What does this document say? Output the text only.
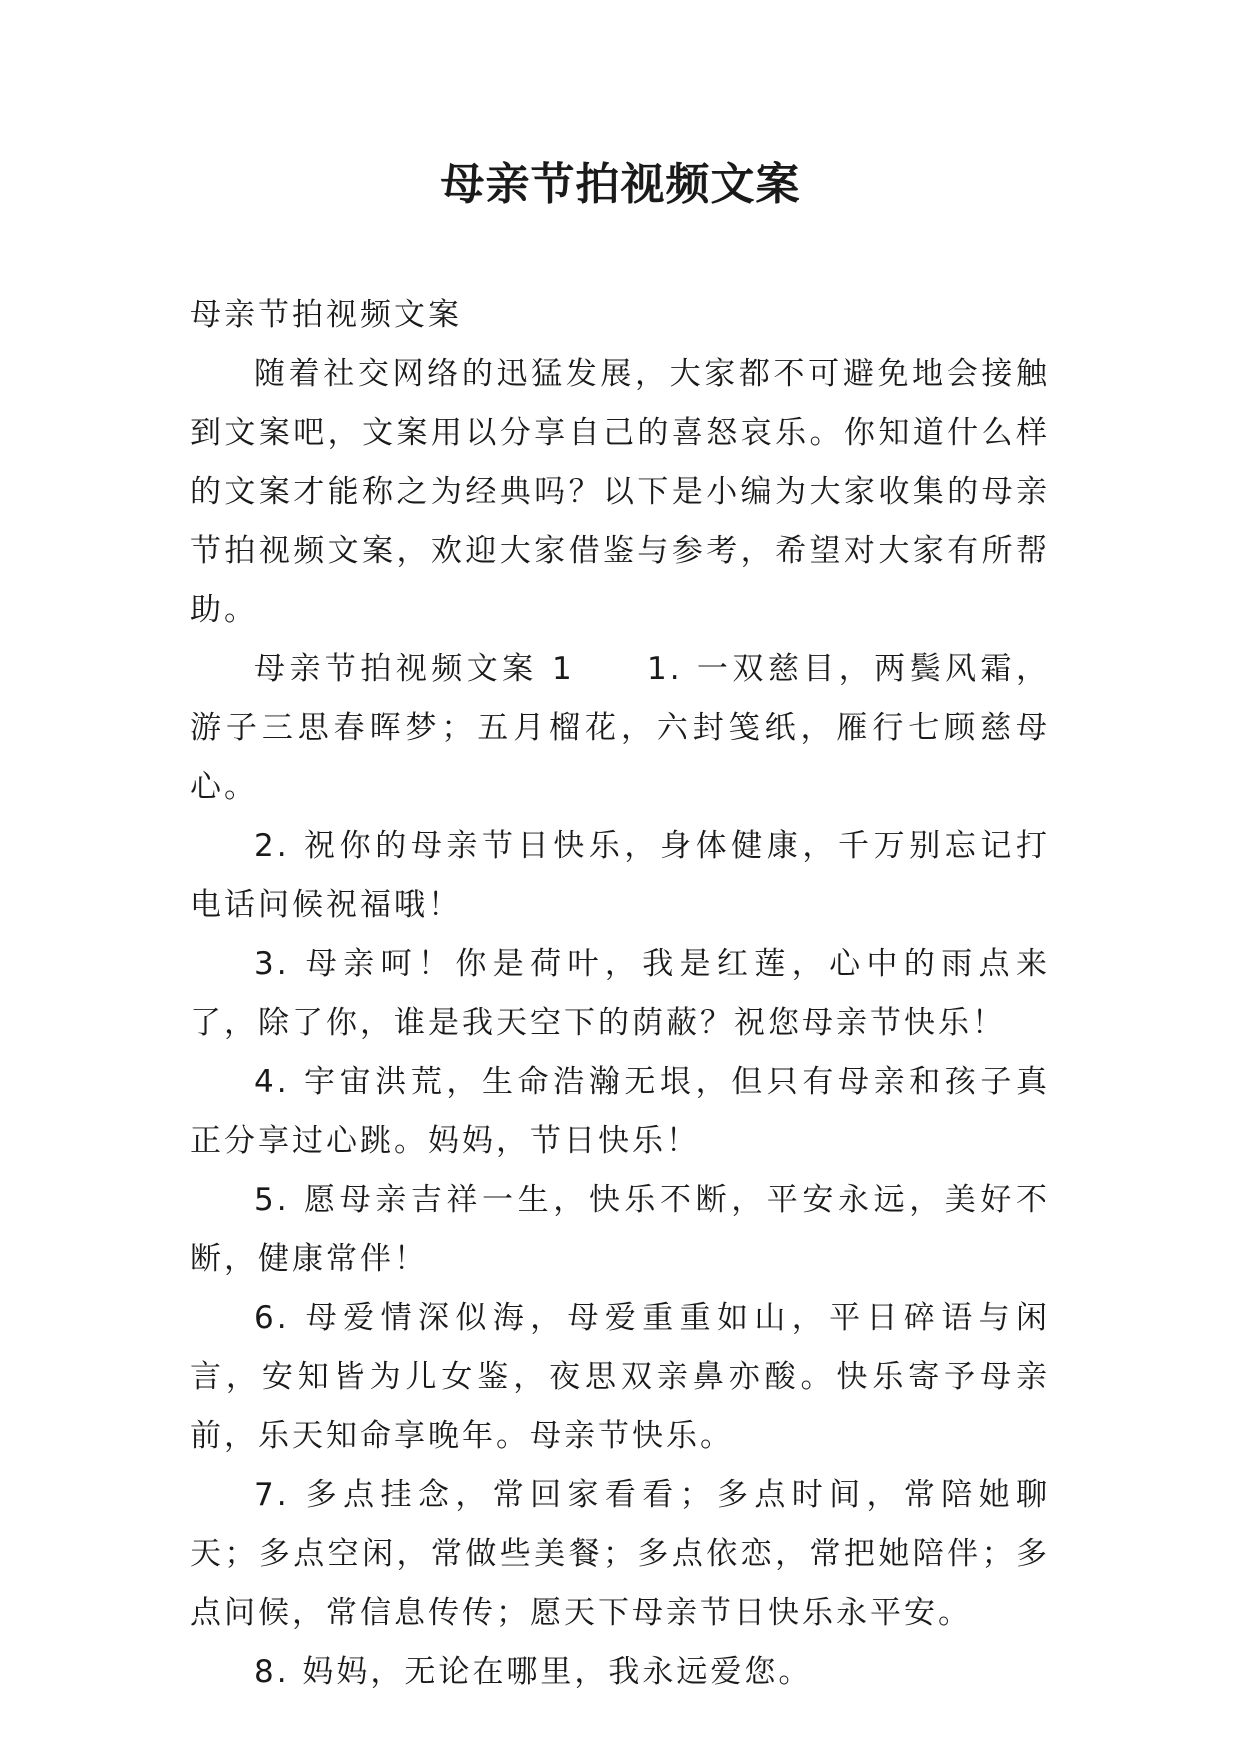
母亲节拍视频文案

母亲节拍视频文案

随着社交网络的迅猛发展，大家都不可避免地会接触到文案吧，文案用以分享自己的喜怒哀乐。你知道什么样的文案才能称之为经典吗？以下是小编为大家收集的母亲节拍视频文案，欢迎大家借鉴与参考，希望对大家有所帮助。

母亲节拍视频文案 1　　1. 一双慈目，两鬓风霜，游子三思春晖梦；五月榴花，六封笺纸，雁行七顾慈母心。

2. 祝你的母亲节日快乐，身体健康，千万别忘记打电话问候祝福哦！

3. 母亲呵！你是荷叶，我是红莲，心中的雨点来了，除了你，谁是我天空下的荫蔽？祝您母亲节快乐！

4. 宇宙洪荒，生命浩瀚无垠，但只有母亲和孩子真正分享过心跳。妈妈，节日快乐！

5. 愿母亲吉祥一生，快乐不断，平安永远，美好不断，健康常伴！

6. 母爱情深似海，母爱重重如山，平日碎语与闲言，安知皆为儿女鉴，夜思双亲鼻亦酸。快乐寄予母亲前，乐天知命享晚年。母亲节快乐。

7. 多点挂念，常回家看看；多点时间，常陪她聊天；多点空闲，常做些美餐；多点依恋，常把她陪伴；多点问候，常信息传传；愿天下母亲节日快乐永平安。

8. 妈妈，无论在哪里，我永远爱您。
